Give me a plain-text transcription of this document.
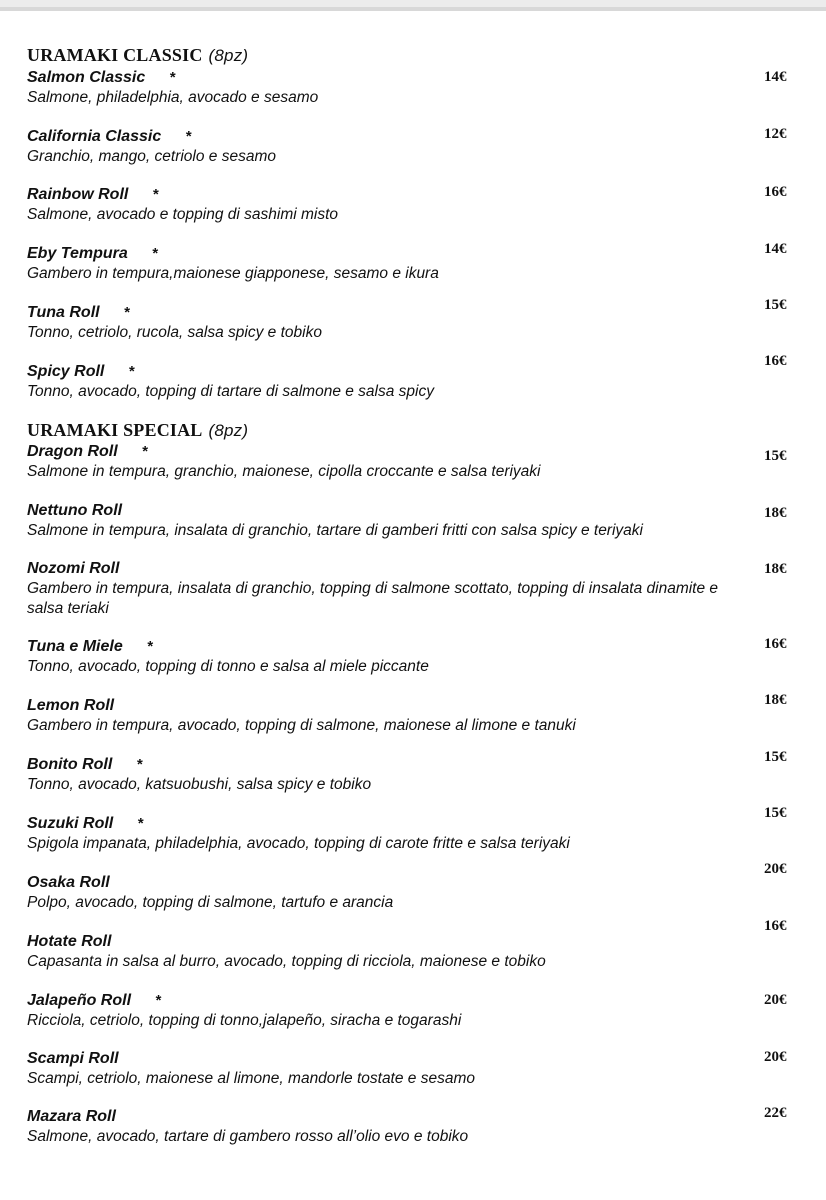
URAMAKI CLASSIC (8pz)
Salmon Classic *
Salmone, philadelphia, avocado e sesamo
14€
California Classic *
Granchio, mango, cetriolo e sesamo
12€
Rainbow Roll *
Salmone, avocado e topping di sashimi misto
16€
Eby Tempura *
Gambero in tempura,maionese giapponese, sesamo e ikura
14€
Tuna Roll *
Tonno, cetriolo, rucola, salsa spicy e tobiko
15€
Spicy Roll *
Tonno, avocado, topping di tartare di salmone e salsa spicy
16€
URAMAKI SPECIAL (8pz)
Dragon Roll *
Salmone in tempura, granchio, maionese, cipolla croccante e salsa teriyaki
15€
Nettuno Roll
Salmone in tempura, insalata di granchio, tartare di gamberi fritti con salsa spicy e teriyaki
18€
Nozomi Roll
Gambero in tempura, insalata di granchio, topping di salmone scottato, topping di insalata dinamite e salsa teriaki
18€
Tuna e Miele *
Tonno, avocado, topping di tonno e salsa al miele piccante
16€
Lemon Roll
Gambero in tempura, avocado, topping di salmone, maionese al limone e tanuki
18€
Bonito Roll *
Tonno, avocado, katsuobushi, salsa spicy e tobiko
15€
Suzuki Roll *
Spigola impanata, philadelphia, avocado, topping di carote fritte e salsa teriyaki
15€
Osaka Roll
Polpo, avocado, topping di salmone, tartufo e arancia
20€
Hotate Roll
Capasanta in salsa al burro, avocado, topping di ricciola, maionese e tobiko
16€
Jalapeño Roll *
Ricciola, cetriolo, topping di tonno,jalapeño, siracha e togarashi
20€
Scampi Roll
Scampi, cetriolo, maionese al limone, mandorle tostate e sesamo
20€
Mazara Roll
Salmone, avocado, tartare di gambero rosso all’olio evo e tobiko
22€
